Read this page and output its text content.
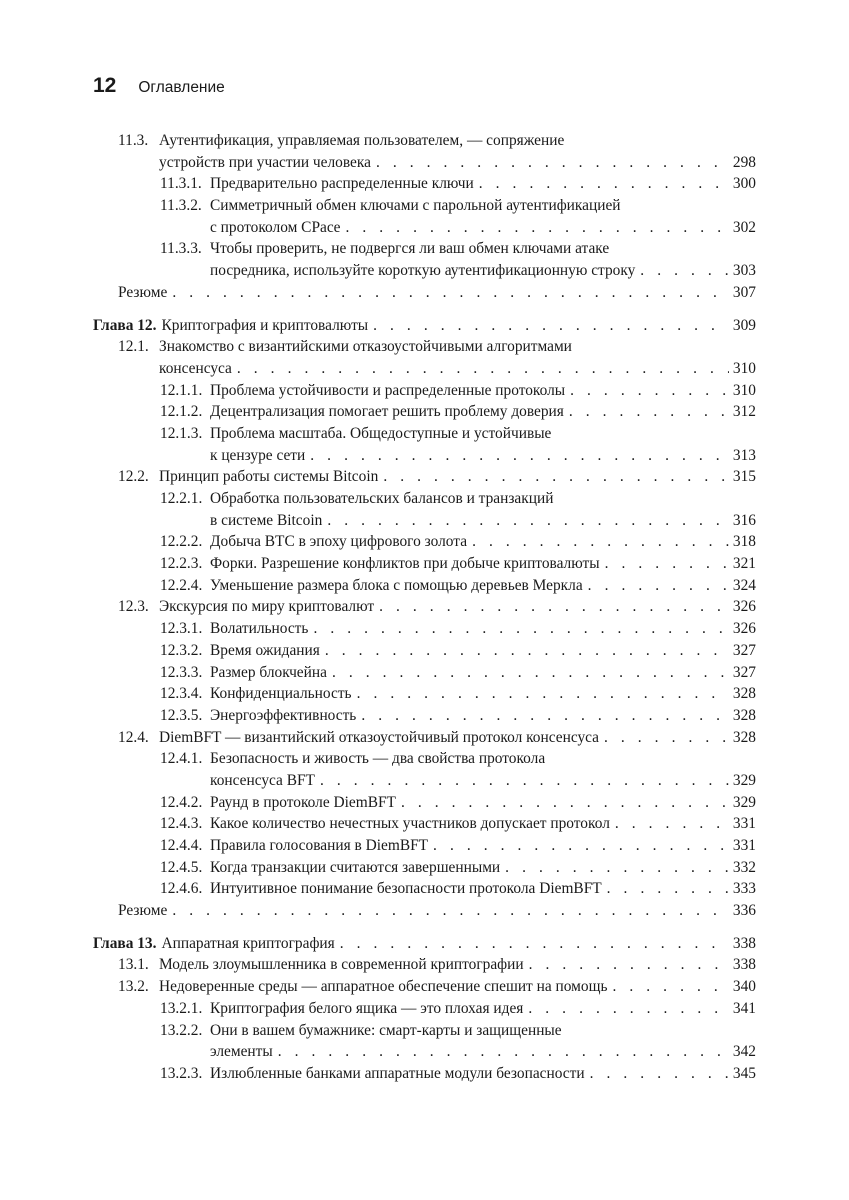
12 Оглавление
11.3. Аутентификация, управляемая пользователем, — сопряжение
устройств при участии человека . . .	298
11.3.1. Предварительно распределенные ключи . . .	300
11.3.2. Симметричный обмен ключами с парольной аутентификацией
с протоколом CPace . . .	302
11.3.3. Чтобы проверить, не подвергся ли ваш обмен ключами атаке
посредника, используйте короткую аутентификационную строку . . .	303
Резюме . . .	307
Глава 12. Криптография и криптовалюты . . .	309
12.1. Знакомство с византийскими отказоустойчивыми алгоритмами
консенсуса . . .	310
12.1.1. Проблема устойчивости и распределенные протоколы . . .	310
12.1.2. Децентрализация помогает решить проблему доверия . . .	312
12.1.3. Проблема масштаба. Общедоступные и устойчивые
к цензуре сети . . .	313
12.2. Принцип работы системы Bitcoin . . .	315
12.2.1. Обработка пользовательских балансов и транзакций
в системе Bitcoin . . .	316
12.2.2. Добыча BTC в эпоху цифрового золота . . .	318
12.2.3. Форки. Разрешение конфликтов при добыче криптовалюты . . .	321
12.2.4. Уменьшение размера блока с помощью деревьев Меркла . . .	324
12.3. Экскурсия по миру криптовалют . . .	326
12.3.1. Волатильность . . .	326
12.3.2. Время ожидания . . .	327
12.3.3. Размер блокчейна . . .	327
12.3.4. Конфиденциальность . . .	328
12.3.5. Энергоэффективность . . .	328
12.4. DiemBFT — византийский отказоустойчивый протокол консенсуса . . .	328
12.4.1. Безопасность и живость — два свойства протокола
консенсуса BFT . . .	329
12.4.2. Раунд в протоколе DiemBFT . . .	329
12.4.3. Какое количество нечестных участников допускает протокол . . .	331
12.4.4. Правила голосования в DiemBFT . . .	331
12.4.5. Когда транзакции считаются завершенными . . .	332
12.4.6. Интуитивное понимание безопасности протокола DiemBFT . . .	333
Резюме . . .	336
Глава 13. Аппаратная криптография . . .	338
13.1. Модель злоумышленника в современной криптографии . . .	338
13.2. Недоверенные среды — аппаратное обеспечение спешит на помощь . . .	340
13.2.1. Криптография белого ящика — это плохая идея . . .	341
13.2.2. Они в вашем бумажнике: смарт-карты и защищенные
элементы . . .	342
13.2.3. Излюбленные банками аппаратные модули безопасности . . .	345
